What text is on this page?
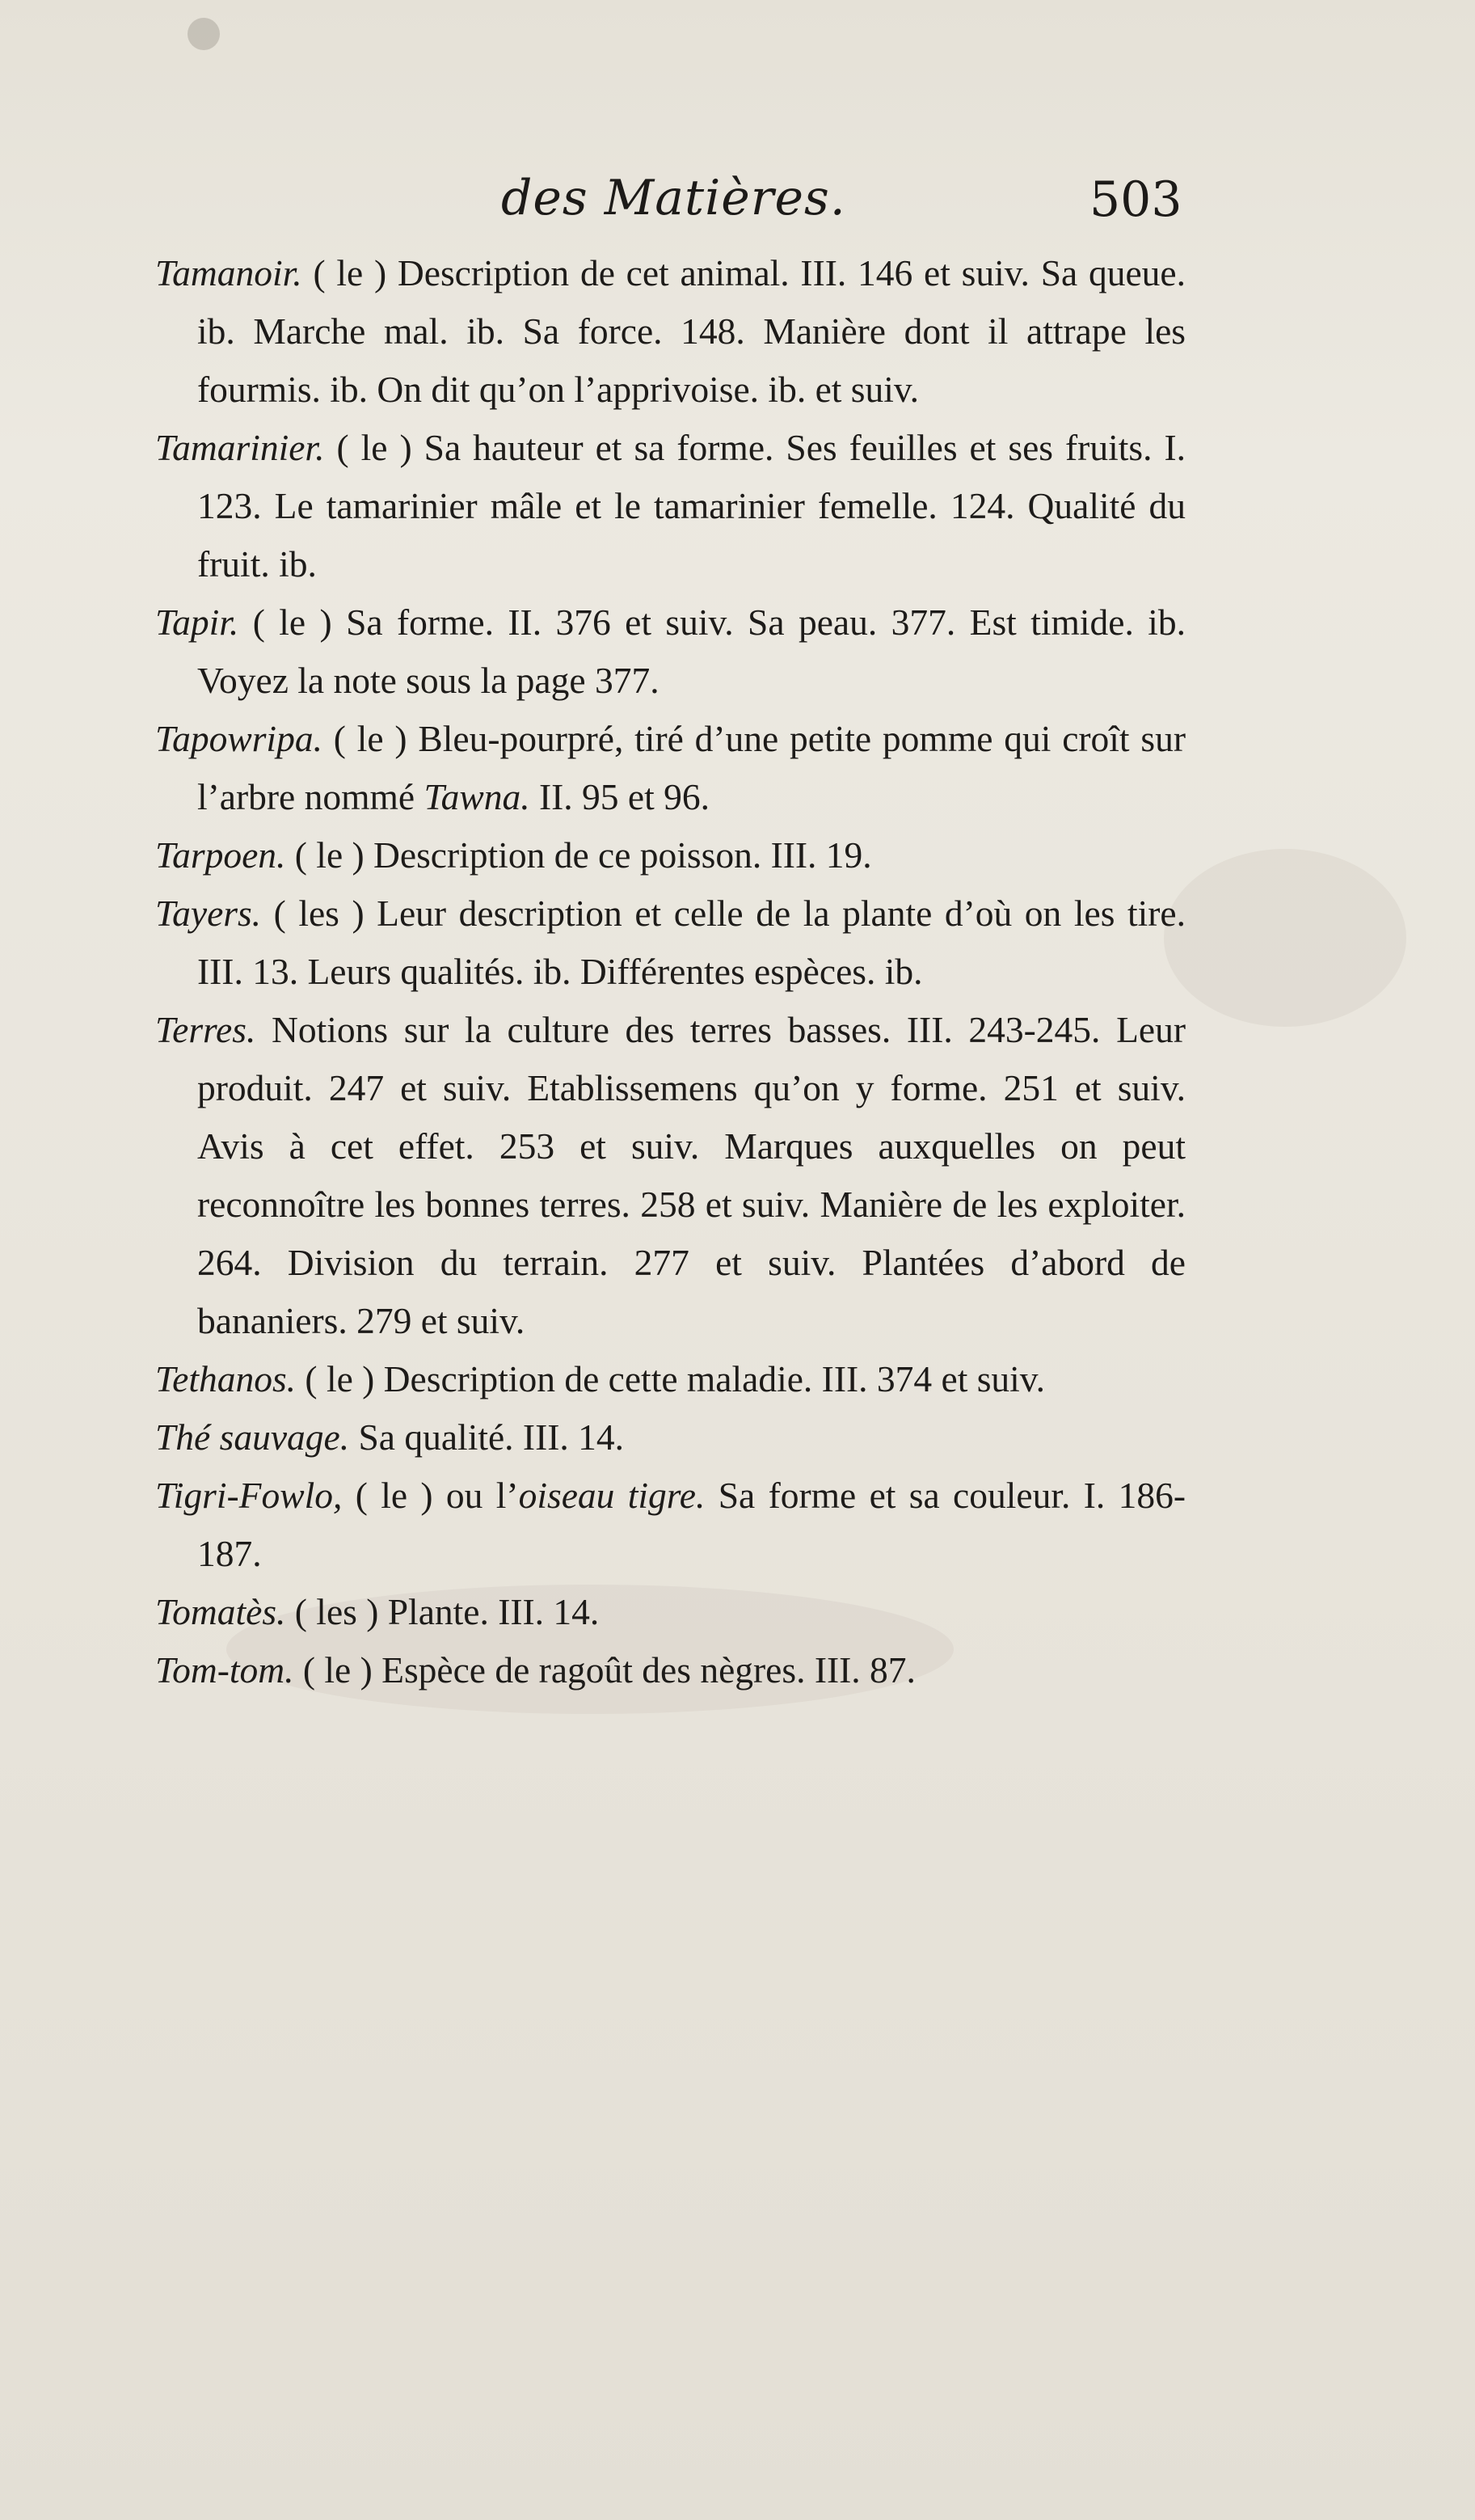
des Matières.	503

Tamanoir. ( le ) Description de cet animal. III. 146 et suiv. Sa queue. ib. Marche mal. ib. Sa force. 148. Manière dont il attrape les fourmis. ib. On dit qu’on l’apprivoise. ib. et suiv.

Tamarinier. ( le ) Sa hauteur et sa forme. Ses feuilles et ses fruits. I. 123. Le tamarinier mâle et le tamarinier femelle. 124. Qualité du fruit. ib.

Tapir. ( le ) Sa forme. II. 376 et suiv. Sa peau. 377. Est timide. ib. Voyez la note sous la page 377.

Tapowripa. ( le ) Bleu-pourpré, tiré d’une petite pomme qui croît sur l’arbre nommé Tawna. II. 95 et 96.

Tarpoen. ( le ) Description de ce poisson. III. 19.

Tayers. ( les ) Leur description et celle de la plante d’où on les tire. III. 13. Leurs qualités. ib. Différentes espèces. ib.

Terres. Notions sur la culture des terres basses. III. 243-245. Leur produit. 247 et suiv. Etablissemens qu’on y forme. 251 et suiv. Avis à cet effet. 253 et suiv. Marques auxquelles on peut reconnoître les bonnes terres. 258 et suiv. Manière de les exploiter. 264. Division du terrain. 277 et suiv. Plantées d’abord de bananiers. 279 et suiv.

Tethanos. ( le ) Description de cette maladie. III. 374 et suiv.

Thé sauvage. Sa qualité. III. 14.

Tigri-Fowlo, ( le ) ou l’oiseau tigre. Sa forme et sa couleur. I. 186-187.

Tomatès. ( les ) Plante. III. 14.

Tom-tom. ( le ) Espèce de ragoût des nègres. III. 87.
